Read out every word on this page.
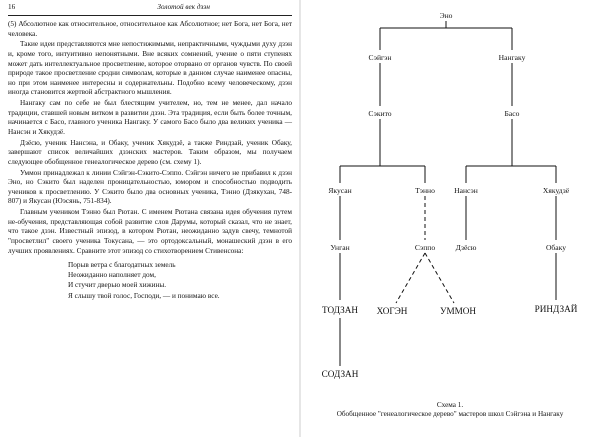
16	Золотой век дзэн

(5) Абсолютное как относительное, относительное как Абсолютное; нет Бога, нет Бога, нет человека.

Такие идеи представляются мне непостижимыми, непрактичными, чуждыми духу дзэн и, кроме того, интуитивно непонятными. Вне всяких сомнений, учение о пяти ступенях может дать интеллектуальное просветление, которое оторвано от органов чувств. По своей природе такое просветление сродни символам, которые в данном случае наименее опасны, но при этом наименее интересны и содержательны. Подобно всему человеческому, дзэн иногда становится жертвой абстрактного мышления.

Нангаку сам по себе не был блестящим учителем, но, тем не менее, дал начало традиции, ставшей новым витком в развитии дзэн. Эта традиция, если быть более точным, начинается с Басо, главного ученика Нангаку. У самого Басо было два великих ученика — Нансэн и Хякудзё.

Дзёсю, ученик Нансэна, и Обаку, ученик Хякудзё, а также Риндзай, ученик Обаку, завершают список величайших дзэнских мастеров. Таким образом, мы получаем следующее обобщенное генеалогическое дерево (см. схему 1).

Уммон принадлежал к линии Сэйгэн-Сэкито-Сэппо. Сэйгэн ничего не прибавил к дзэн Эно, но Сэкито был наделен проницательностью, юмором и способностью подводить учеников к просветлению. У Сэкито было два основных ученика, Тэнно (Дзякухан, 748-807) и Якусан (Юэсянь, 751-834).

Главным учеником Тэнно был Рютан. С именем Рютана связана идея обучения путем не-обучения, представляющая собой развитие слов Дарумы, который сказал, что не знает, что такое дзэн. Известный эпизод, в котором Рютан, неожиданно задув свечу, темнотой "просветлил" своего ученика Токусана, — это ортодоксальный, монашеский дзэн в его лучших проявлениях. Сравните этот эпизод со стихотворением Стивенсона:

Порыв ветра с благодатных земель
Неожиданно наполняет дом,
И стучит дверью моей хижины.
Я слышу твой голос, Господи, — и понимаю все.
Эно
Сэйгэн	Нангаку
Сэкито	Басо
Якусан	Тэнно	Нансэн	Хякудзё
Унган	Сэппо	Дзёсю	Обаку
ТОДЗАН ХОГЭН	УММОН	РИНДЗАЙ
СОДЗАН
Схема 1.
Обобщенное "генеалогическое дерево" мастеров школ Сэйгэна и Нангаку
